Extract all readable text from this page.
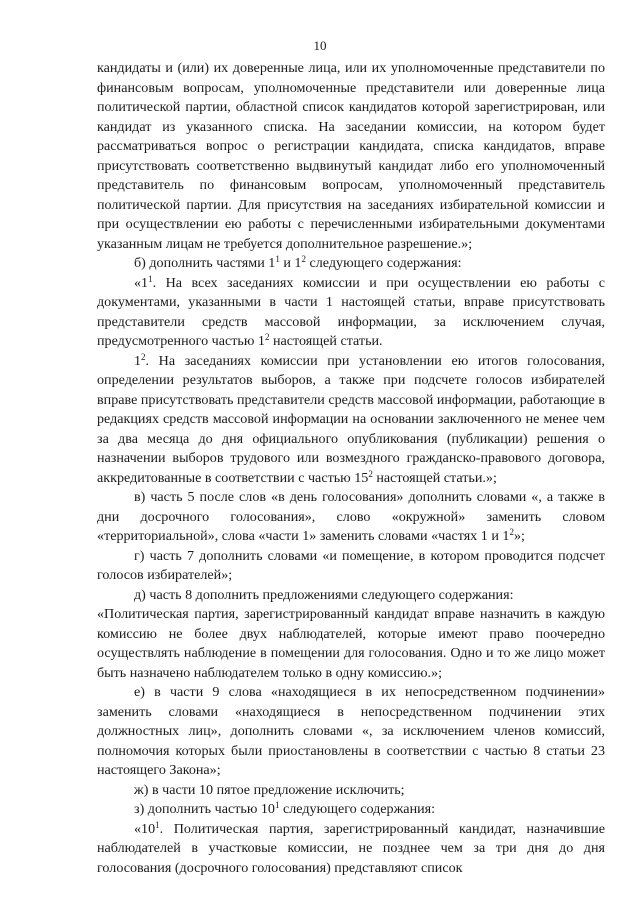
10

кандидаты и (или) их доверенные лица, или их уполномоченные представители по финансовым вопросам, уполномоченные представители или доверенные лица политической партии, областной список кандидатов которой зарегистрирован, или кандидат из указанного списка. На заседании комиссии, на котором будет рассматриваться вопрос о регистрации кандидата, списка кандидатов, вправе присутствовать соответственно выдвинутый кандидат либо его уполномоченный представитель по финансовым вопросам, уполномоченный представитель политической партии. Для присутствия на заседаниях избирательной комиссии и при осуществлении ею работы с перечисленными избирательными документами указанным лицам не требуется дополнительное разрешение.»;

б) дополнить частями $1^1$ и $1^2$ следующего содержания:

«$1^1$. На всех заседаниях комиссии и при осуществлении ею работы с документами, указанными в части 1 настоящей статьи, вправе присутствовать представители средств массовой информации, за исключением случая, предусмотренного частью $1^2$ настоящей статьи.

$1^2$. На заседаниях комиссии при установлении ею итогов голосования, определении результатов выборов, а также при подсчете голосов избирателей вправе присутствовать представители средств массовой информации, работающие в редакциях средств массовой информации на основании заключенного не менее чем за два месяца до дня официального опубликования (публикации) решения о назначении выборов трудового или возмездного гражданско-правового договора, аккредитованные в соответствии с частью $15^2$ настоящей статьи.»;

в) часть 5 после слов «в день голосования» дополнить словами «, а также в дни досрочного голосования», слово «окружной» заменить словом «территориальной», слова «части 1» заменить словами «частях 1 и $1^2$»;

г) часть 7 дополнить словами «и помещение, в котором проводится подсчет голосов избирателей»;

д) часть 8 дополнить предложениями следующего содержания:

«Политическая партия, зарегистрированный кандидат вправе назначить в каждую комиссию не более двух наблюдателей, которые имеют право поочередно осуществлять наблюдение в помещении для голосования. Одно и то же лицо может быть назначено наблюдателем только в одну комиссию.»;

е) в части 9 слова «находящиеся в их непосредственном подчинении» заменить словами «находящиеся в непосредственном подчинении этих должностных лиц», дополнить словами «, за исключением членов комиссий, полномочия которых были приостановлены в соответствии с частью 8 статьи 23 настоящего Закона»;

ж) в части 10 пятое предложение исключить;

з) дополнить частью $10^1$ следующего содержания:

«$10^1$. Политическая партия, зарегистрированный кандидат, назначившие наблюдателей в участковые комиссии, не позднее чем за три дня до дня голосования (досрочного голосования) представляют список
